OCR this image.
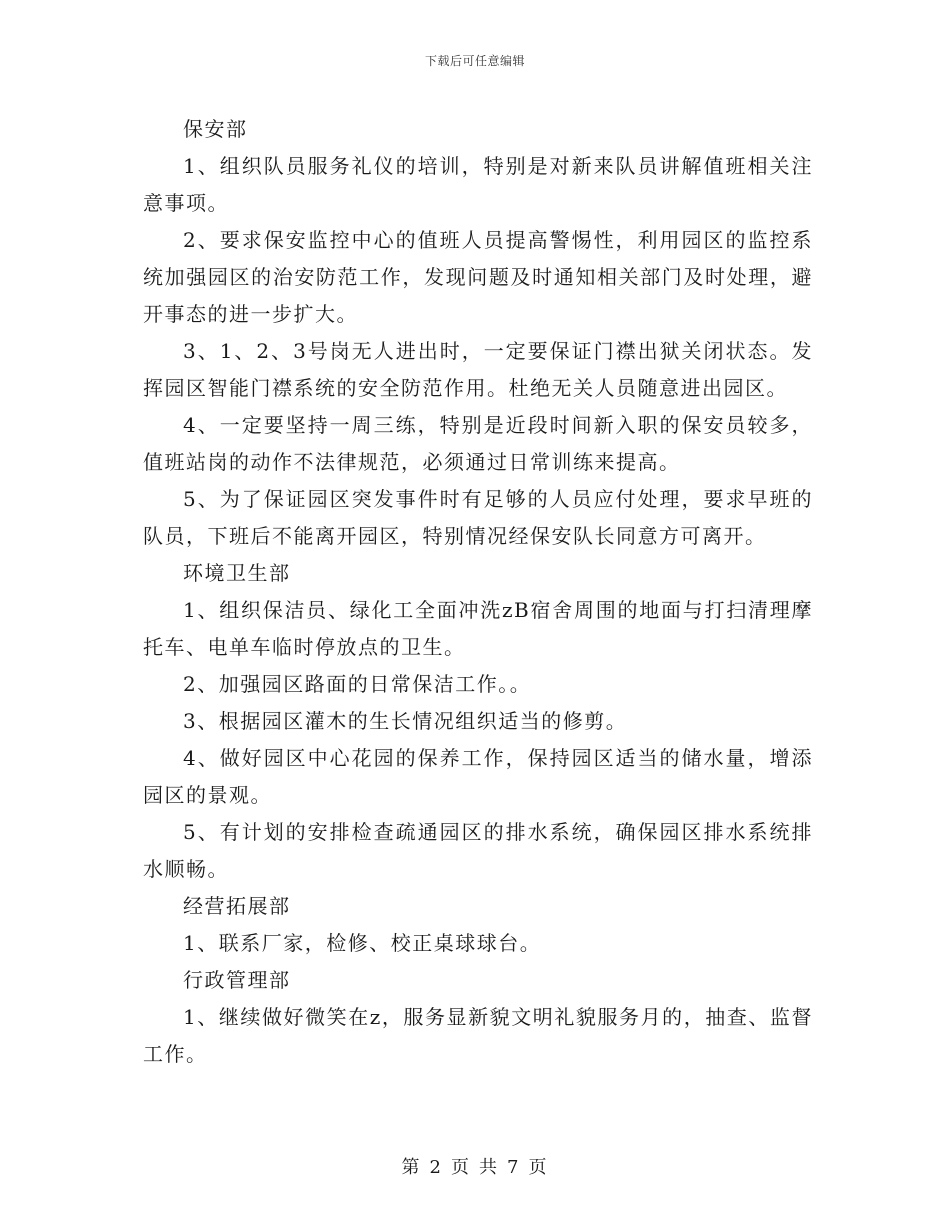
下载后可任意编辑

保安部

1、组织队员服务礼仪的培训，特别是对新来队员讲解值班相关注意事项。

2、要求保安监控中心的值班人员提高警惕性，利用园区的监控系统加强园区的治安防范工作，发现问题及时通知相关部门及时处理，避开事态的进一步扩大。

3、1、2、3号岗无人进出时，一定要保证门襟出狱关闭状态。发挥园区智能门襟系统的安全防范作用。杜绝无关人员随意进出园区。

4、一定要坚持一周三练，特别是近段时间新入职的保安员较多，值班站岗的动作不法律规范，必须通过日常训练来提高。

5、为了保证园区突发事件时有足够的人员应付处理，要求早班的队员，下班后不能离开园区，特别情况经保安队长同意方可离开。

环境卫生部

1、组织保洁员、绿化工全面冲洗zB宿舍周围的地面与打扫清理摩托车、电单车临时停放点的卫生。

2、加强园区路面的日常保洁工作。。

3、根据园区灌木的生长情况组织适当的修剪。

4、做好园区中心花园的保养工作，保持园区适当的储水量，增添园区的景观。

5、有计划的安排检查疏通园区的排水系统，确保园区排水系统排水顺畅。

经营拓展部

1、联系厂家，检修、校正桌球球台。

行政管理部

1、继续做好微笑在z，服务显新貌文明礼貌服务月的，抽查、监督工作。

第 2 页 共 7 页
